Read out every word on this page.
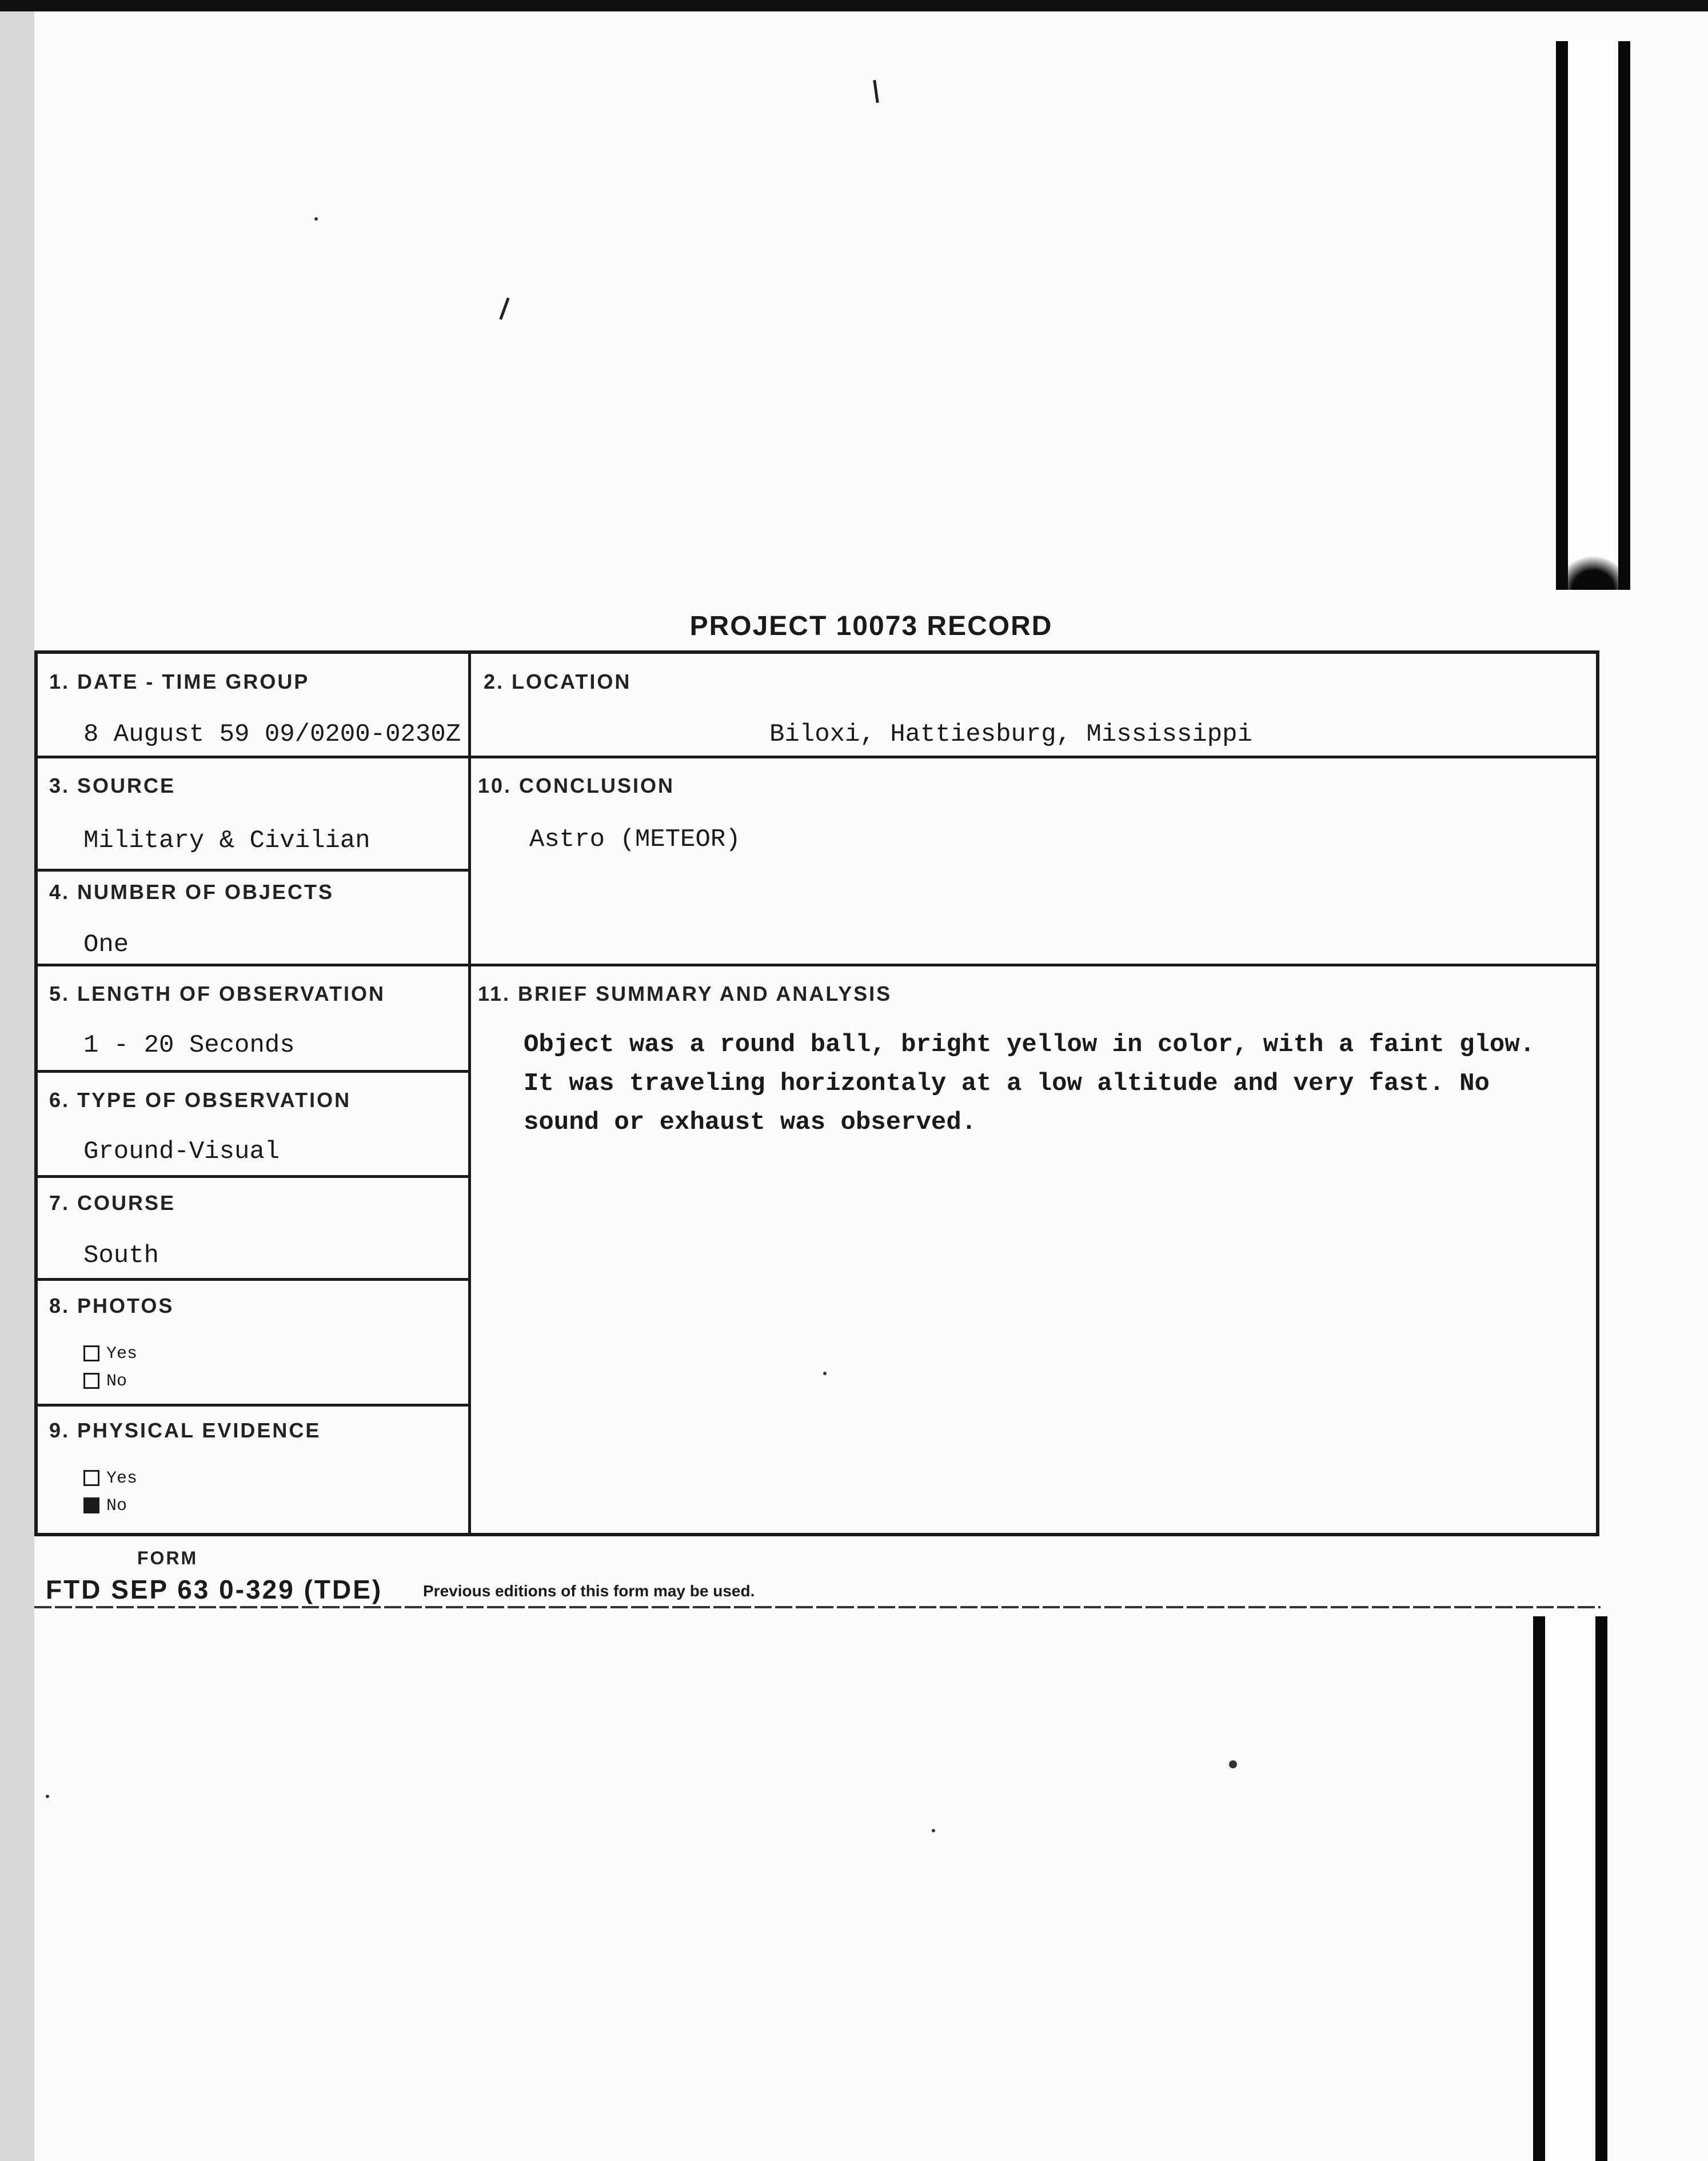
PROJECT 10073 RECORD
1. DATE - TIME GROUP
8 August 59 09/0200-0230Z
2. LOCATION
Biloxi, Hattiesburg, Mississippi
3. SOURCE
Military & Civilian
10. CONCLUSION
Astro (METEOR)
4. NUMBER OF OBJECTS
One
5. LENGTH OF OBSERVATION
1 - 20 Seconds
11. BRIEF SUMMARY AND ANALYSIS
Object was a round ball, bright yellow in color, with a faint glow. It was traveling horizontaly at a low altitude and very fast. No sound or exhaust was observed.
6. TYPE OF OBSERVATION
Ground-Visual
7. COURSE
South
8. PHOTOS
Yes
No
9. PHYSICAL EVIDENCE
Yes
No
FORM
FTD SEP 63 0-329 (TDE)	Previous editions of this form may be used.
